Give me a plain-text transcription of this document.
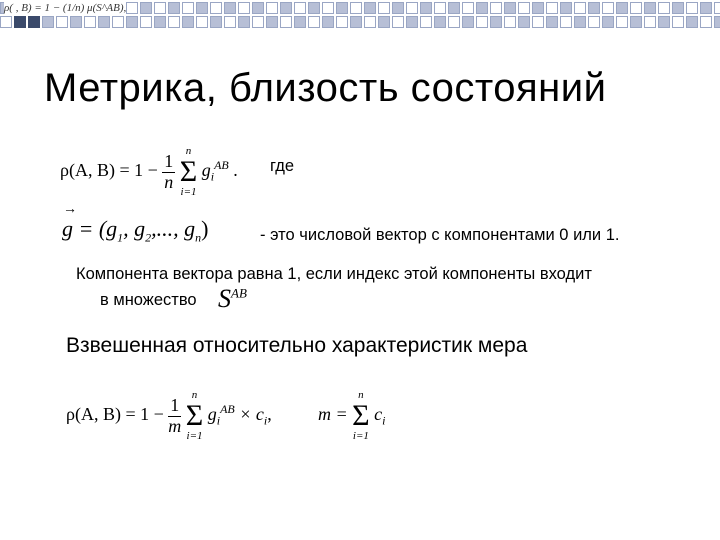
ρ( , B) = 1 − (1/n) μ(S^AB),
Метрика, близость состояний
ρ(A, $B) = 1 - \frac{1}{n}$

n
Σ
i=1
$g_i^{AB}$ . где
→
$g = (g_1$, $g_2$,..., $g_n$)	- это числовой вектор с компонентами 0 или 1.
Компонента вектора равна 1, если индекс этой компоненты входит
в множество $S^{AB}$
Взвешенная относительно характеристик мера
ρ(A, $B) = 1 - \frac{1}{m}$

n
Σ
i=1
$g_i^{AB} \times c_i$,	m =
n
Σ
i=1
$c_i$
